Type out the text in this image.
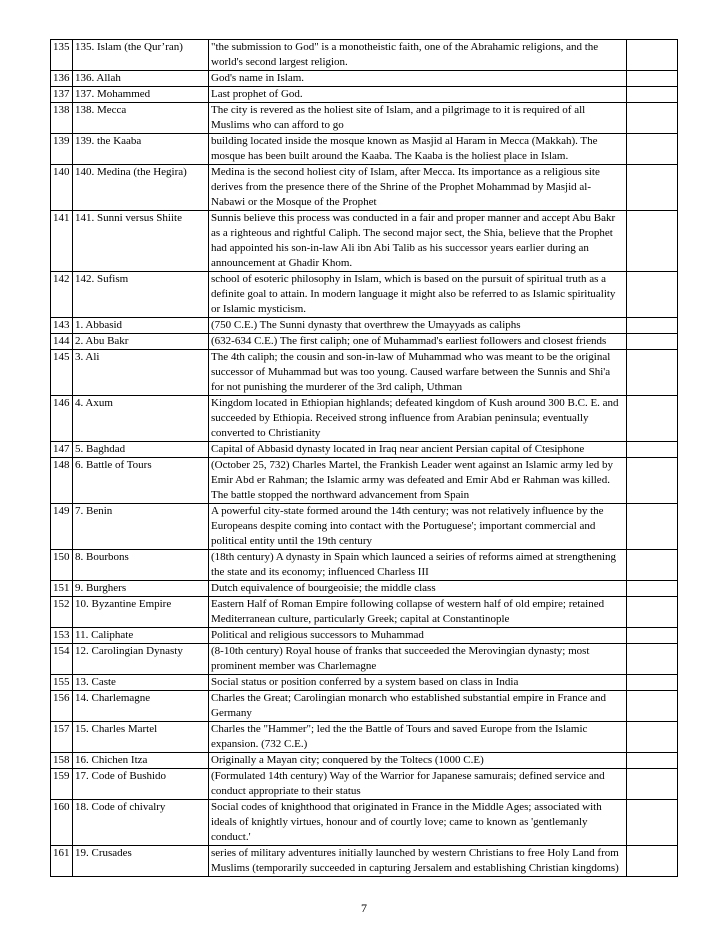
135	135. Islam (the Qur’ran)	"the submission to God" is a monotheistic faith, one of the Abrahamic religions, and the world's second largest religion.	
136	136. Allah	God's name in Islam.	
137	137. Mohammed	Last prophet of God.	
138	138. Mecca	The city is revered as the holiest site of Islam, and a pilgrimage to it is required of all Muslims who can afford to go	
139	139. the Kaaba	building located inside the mosque known as Masjid al Haram in Mecca (Makkah). The mosque has been built around the Kaaba. The Kaaba is the holiest place in Islam.	
140	140. Medina (the Hegira)	Medina is the second holiest city of Islam, after Mecca. Its importance as a religious site derives from the presence there of the Shrine of the Prophet Mohammad by Masjid al-Nabawi or the Mosque of the Prophet	
141	141. Sunni versus Shiite	Sunnis believe this process was conducted in a fair and proper manner and accept Abu Bakr as a righteous and rightful Caliph. The second major sect, the Shia, believe that the Prophet had appointed his son-in-law Ali ibn Abi Talib as his successor years earlier during an announcement at Ghadir Khom.	
142	142. Sufism	school of esoteric philosophy in Islam, which is based on the pursuit of spiritual truth as a definite goal to attain. In modern language it might also be referred to as Islamic spirituality or Islamic mysticism.	
143	1. Abbasid	(750 C.E.) The Sunni dynasty that overthrew the Umayyads as caliphs	
144	2. Abu Bakr	(632-634 C.E.) The first caliph; one of Muhammad's earliest followers and closest friends	
145	3. Ali	The 4th caliph; the cousin and son-in-law of Muhammad who was meant to be the original successor of Muhammad but was too young. Caused warfare between the Sunnis and Shi'a for not punishing the murderer of the 3rd caliph, Uthman	
146	4. Axum	Kingdom located in Ethiopian highlands; defeated kingdom of Kush around 300 B.C. E. and succeeded by Ethiopia. Received strong influence from Arabian peninsula; eventually converted to Christianity	
147	5. Baghdad	Capital of Abbasid dynasty located in Iraq near ancient Persian capital of Ctesiphone	
148	6. Battle of Tours	(October 25, 732) Charles Martel, the Frankish Leader went against an Islamic army led by Emir Abd er Rahman; the Islamic army was defeated and Emir Abd er Rahman was killed. The battle stopped the northward advancement from Spain	
149	7. Benin	A powerful city-state formed around the 14th century; was not relatively influence by the Europeans despite coming into contact with the Portuguese'; important commercial and political entity until the 19th century	
150	8. Bourbons	(18th century) A dynasty in Spain which launced a seiries of reforms aimed at strengthening the state and its economy; influenced Charless III	
151	9. Burghers	Dutch equivalence of bourgeoisie; the middle class	
152	10. Byzantine Empire	Eastern Half of Roman Empire following collapse of western half of old empire; retained Mediterranean culture, particularly Greek; capital at Constantinople	
153	11. Caliphate	Political and religious successors to Muhammad	
154	12. Carolingian Dynasty	(8-10th century) Royal house of franks that succeeded the Merovingian dynasty; most prominent member was Charlemagne	
155	13. Caste	Social status or position conferred by a system based on class in India	
156	14. Charlemagne	Charles the Great; Carolingian monarch who established substantial empire in France and Germany	
157	15. Charles Martel	Charles the "Hammer"; led the the Battle of Tours and saved Europe from the Islamic expansion. (732 C.E.)	
158	16. Chichen Itza	Originally a Mayan city; conquered by the Toltecs (1000 C.E)	
159	17. Code of Bushido	(Formulated 14th century) Way of the Warrior for Japanese samurais; defined service and conduct appropriate to their status	
160	18. Code of chivalry	Social codes of knighthood that originated in France in the Middle Ages; associated with ideals of knightly virtues, honour and of courtly love; came to known as 'gentlemanly conduct.'	
161	19. Crusades	series of military adventures initially launched by western Christians to free Holy Land from Muslims (temporarily succeeded in capturing Jersalem and establishing Christian kingdoms)	
7
